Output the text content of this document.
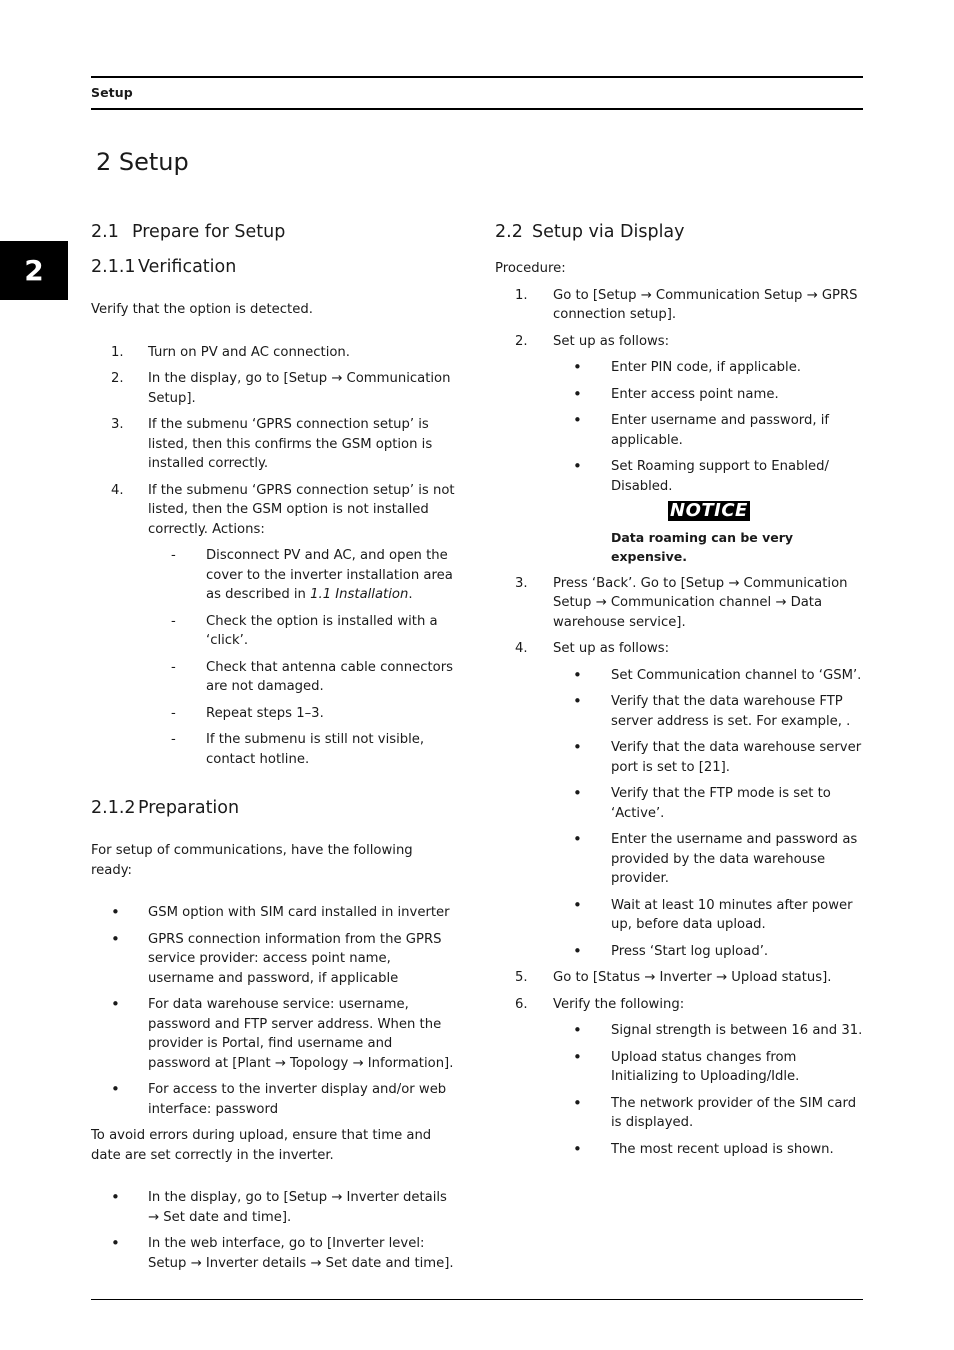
Setup
2 Setup
2
2.1 Prepare for Setup
2.1.1 Verification

Verify that the option is detected.

1. Turn on PV and AC connection.
2. In the display, go to [Setup → Communication Setup].
3. If the submenu ‘GPRS connection setup’ is listed, then this confirms the GSM option is installed correctly.
4. If the submenu ‘GPRS connection setup’ is not listed, then the GSM option is not installed correctly. Actions:
- Disconnect PV and AC, and open the cover to the inverter installation area as described in 1.1 Installation.
- Check the option is installed with a ‘click’.
- Check that antenna cable connectors are not damaged.
- Repeat steps 1–3.
- If the submenu is still not visible, contact hotline.
2.1.2 Preparation

For setup of communications, have the following ready:

• GSM option with SIM card installed in inverter
• GPRS connection information from the GPRS service provider: access point name, username and password, if applicable
• For data warehouse service: username, password and FTP server address. When the provider is Portal, find username and password at [Plant → Topology → Information].
• For access to the inverter display and/or web interface: password

To avoid errors during upload, ensure that time and date are set correctly in the inverter.

• In the display, go to [Setup → Inverter details → Set date and time].
• In the web interface, go to [Inverter level: Setup → Inverter details → Set date and time].
2.2 Setup via Display

Procedure:

1. Go to [Setup → Communication Setup → GPRS connection setup].
2. Set up as follows:
• Enter PIN code, if applicable.
• Enter access point name.
• Enter username and password, if applicable.
• Set Roaming support to Enabled/ Disabled.
NOTICE

Data roaming can be very expensive.

3. Press ‘Back’. Go to [Setup → Communication Setup → Communication channel → Data warehouse service].
4. Set up as follows:
• Set Communication channel to ‘GSM’.
• Verify that the data warehouse FTP server address is set. For example, .
• Verify that the data warehouse server port is set to [21].
• Verify that the FTP mode is set to ‘Active’.
• Enter the username and password as provided by the data warehouse provider.
• Wait at least 10 minutes after power up, before data upload.
• Press ‘Start log upload’.
5. Go to [Status → Inverter → Upload status].
6. Verify the following:
• Signal strength is between 16 and 31.
• Upload status changes from Initializing to Uploading/Idle.
• The network provider of the SIM card is displayed.
• The most recent upload is shown.
